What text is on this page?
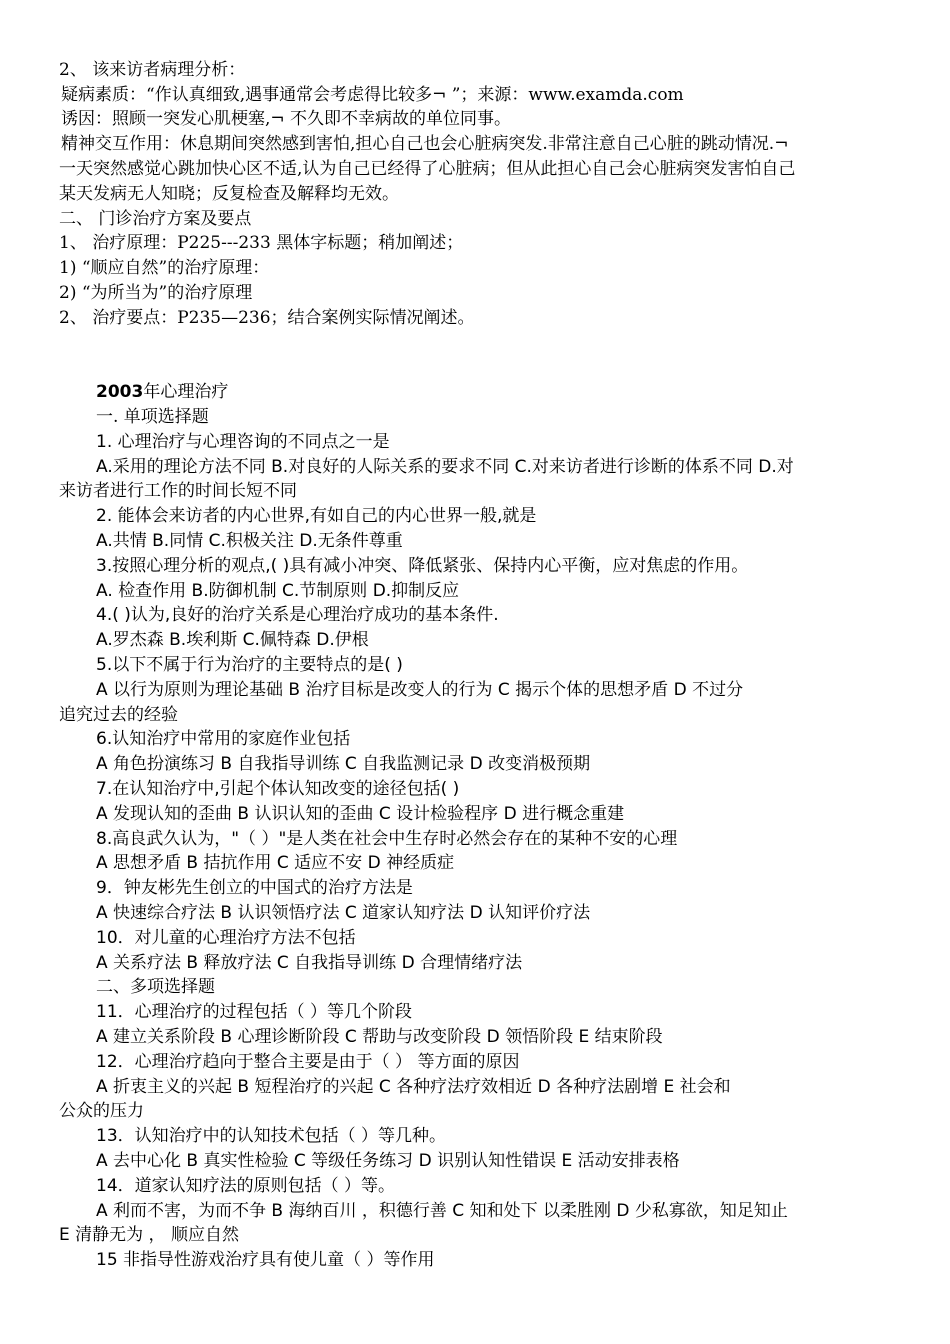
2、 该来访者病理分析：
疑病素质：“作认真细致,遇事通常会考虑得比较多¬ ”；来源：www.examda.com
诱因：照顾一突发心肌梗塞,¬ 不久即不幸病故的单位同事。
精神交互作用：休息期间突然感到害怕,担心自己也会心脏病突发.非常注意自己心脏的跳动情况.¬
一天突然感觉心跳加快心区不适,认为自己已经得了心脏病；但从此担心自己会心脏病突发害怕自己
某天发病无人知晓；反复检查及解释均无效。
二、 门诊治疗方案及要点
1、 治疗原理：P225---233 黑体字标题；稍加阐述；
1) “顺应自然”的治疗原理：
2) “为所当为”的治疗原理
2、 治疗要点：P235—236；结合案例实际情况阐述。
2003年心理治疗
一. 单项选择题
1. 心理治疗与心理咨询的不同点之一是
A.采用的理论方法不同 B.对良好的人际关系的要求不同 C.对来访者进行诊断的体系不同 D.对
来访者进行工作的时间长短不同
2. 能体会来访者的内心世界,有如自己的内心世界一般,就是
A.共情 B.同情 C.积极关注 D.无条件尊重
3.按照心理分析的观点,( )具有减小冲突、降低紧张、保持内心平衡，应对焦虑的作用。
A. 检查作用 B.防御机制 C.节制原则 D.抑制反应
4.( )认为,良好的治疗关系是心理治疗成功的基本条件.
A.罗杰森 B.埃利斯 C.佩特森 D.伊根
5.以下不属于行为治疗的主要特点的是( )
A 以行为原则为理论基础 B 治疗目标是改变人的行为 C 揭示个体的思想矛盾 D 不过分
追究过去的经验
6.认知治疗中常用的家庭作业包括
A 角色扮演练习 B 自我指导训练 C 自我监测记录 D 改变消极预期
7.在认知治疗中,引起个体认知改变的途径包括( )
A 发现认知的歪曲 B 认识认知的歪曲 C 设计检验程序 D 进行概念重建
8.高良武久认为，"（ ）"是人类在社会中生存时必然会存在的某种不安的心理
A 思想矛盾 B 拮抗作用 C 适应不安 D 神经质症
9．钟友彬先生创立的中国式的治疗方法是
A 快速综合疗法 B 认识领悟疗法 C 道家认知疗法 D 认知评价疗法
10．对儿童的心理治疗方法不包括
A 关系疗法 B 释放疗法 C 自我指导训练 D 合理情绪疗法
二、多项选择题
11．心理治疗的过程包括（ ）等几个阶段
A 建立关系阶段 B 心理诊断阶段 C 帮助与改变阶段 D 领悟阶段 E 结束阶段
12．心理治疗趋向于整合主要是由于（ ） 等方面的原因
A 折衷主义的兴起 B 短程治疗的兴起 C 各种疗法疗效相近 D 各种疗法剧增 E 社会和
公众的压力
13．认知治疗中的认知技术包括（ ）等几种。
A 去中心化 B 真实性检验 C 等级任务练习 D 识别认知性错误 E 活动安排表格
14．道家认知疗法的原则包括（ ）等。
A 利而不害，为而不争 B 海纳百川 ，积德行善 C 知和处下 以柔胜刚 D 少私寡欲，知足知止
E 清静无为 ， 顺应自然
15 非指导性游戏治疗具有使儿童（ ）等作用
